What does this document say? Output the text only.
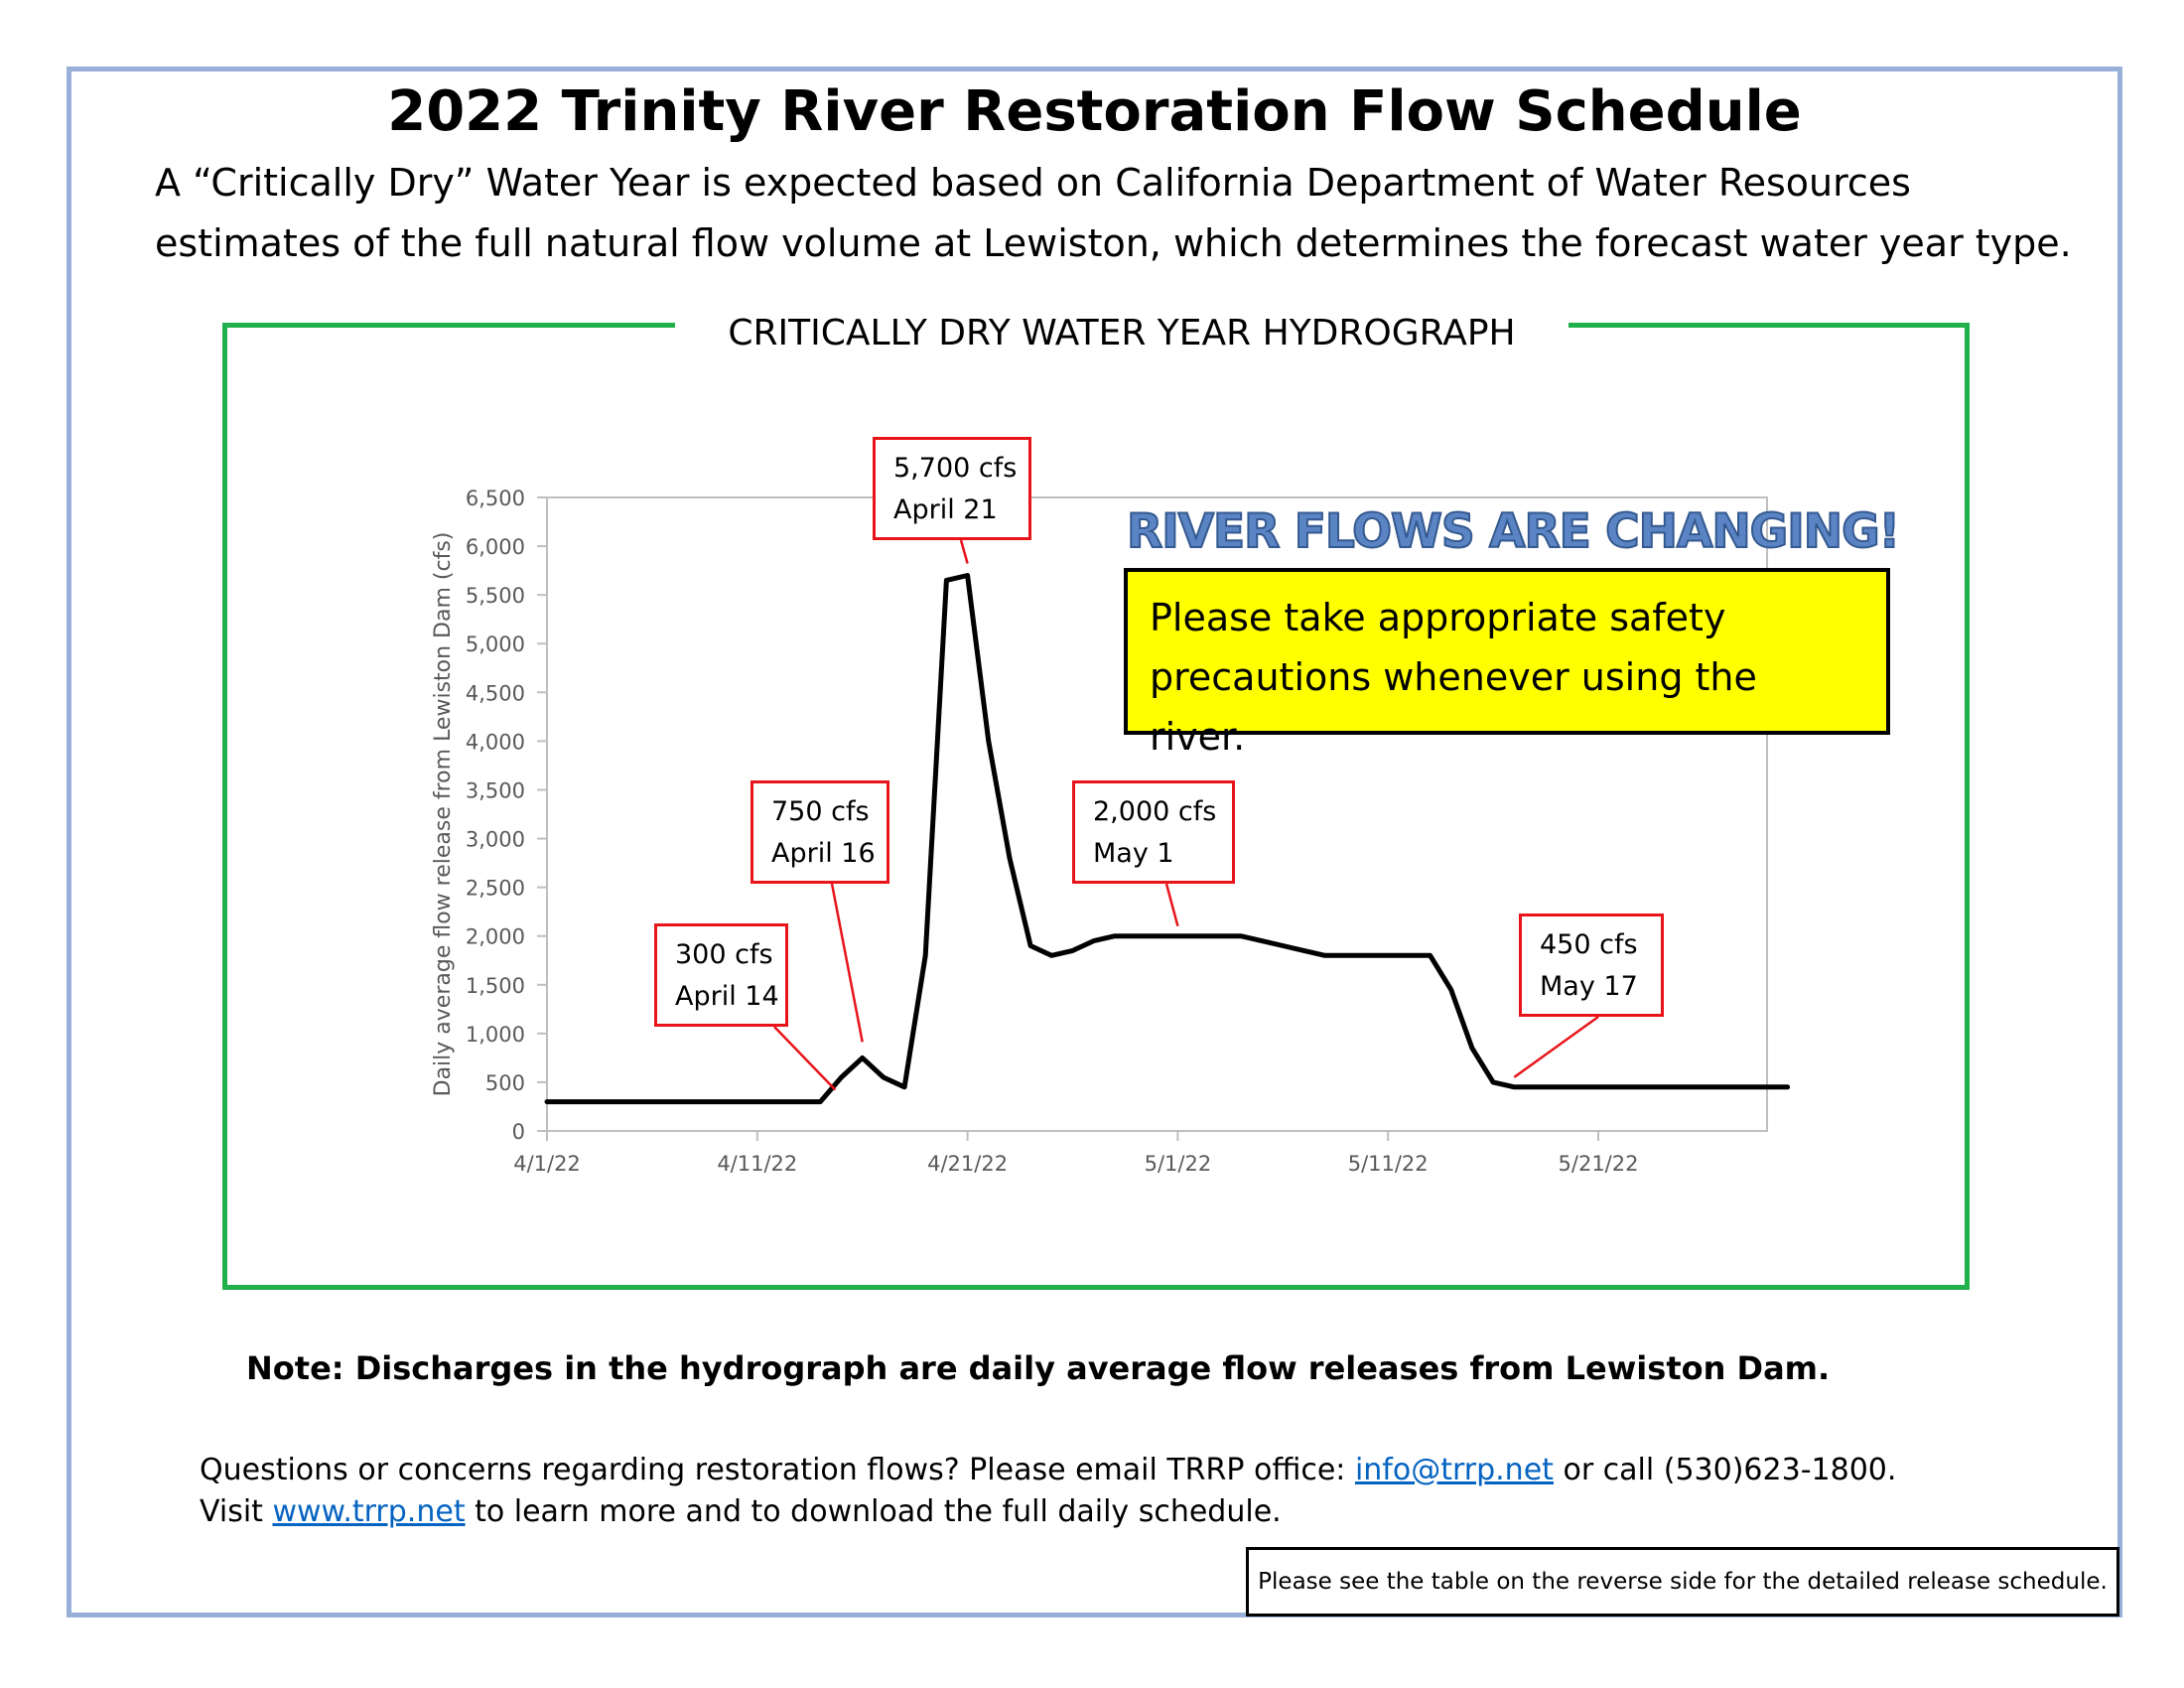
2022 Trinity River Restoration Flow Schedule
A “Critically Dry” Water Year is expected based on California Department of Water Resources
estimates of the full natural flow volume at Lewiston, which determines the forecast water year type.
CRITICALLY DRY WATER YEAR HYDROGRAPH
0
500
1,000
1,500
2,000
2,500
3,000
3,500
4,000
4,500
5,000
5,500
6,000
6,500
4/1/22	4/11/22	4/21/22	5/1/22	5/11/22	5/21/22
Daily average flow release from Lewiston Dam (cfs)
RIVER FLOWS ARE CHANGING!
Please take appropriate safety
precautions whenever using the river.
300 cfs
April 14
750 cfs
April 16
5,700 cfs
April 21
2,000 cfs
May 1
450 cfs
May 17
Note: Discharges in the hydrograph are daily average flow releases from Lewiston Dam.
Questions or concerns regarding restoration flows? Please email TRRP office: info@trrp.net or call (530)623-1800.
Visit www.trrp.net to learn more and to download the full daily schedule.
Please see the table on the reverse side for the detailed release schedule.
